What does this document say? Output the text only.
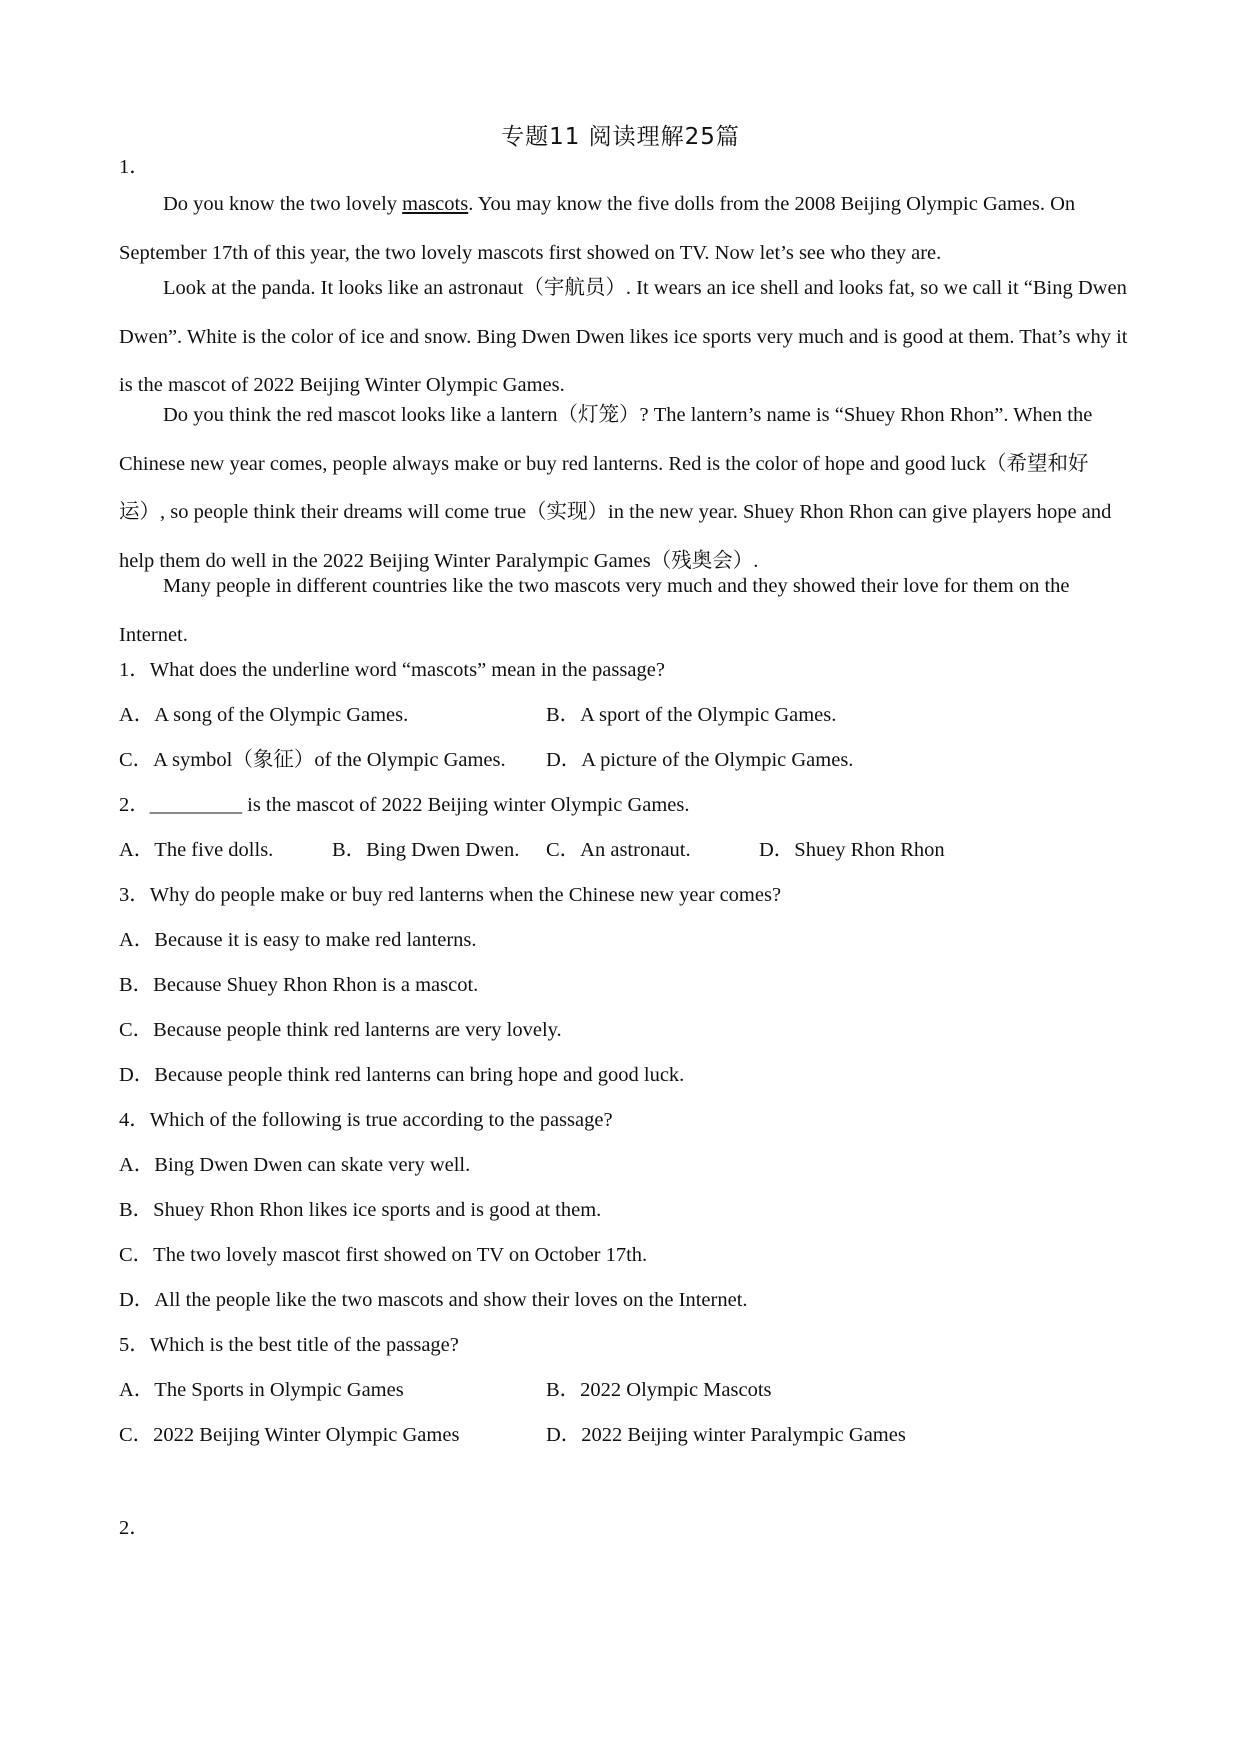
专题11 阅读理解25篇
1．
Do you know the two lovely mascots. You may know the five dolls from the 2008 Beijing Olympic Games. On September 17th of this year, the two lovely mascots first showed on TV. Now let’s see who they are.
Look at the panda. It looks like an astronaut（宇航员）. It wears an ice shell and looks fat, so we call it “Bing Dwen Dwen”. White is the color of ice and snow. Bing Dwen Dwen likes ice sports very much and is good at them. That’s why it is the mascot of 2022 Beijing Winter Olympic Games.
Do you think the red mascot looks like a lantern（灯笼）? The lantern’s name is “Shuey Rhon Rhon”. When the Chinese new year comes, people always make or buy red lanterns. Red is the color of hope and good luck（希望和好运）, so people think their dreams will come true（实现）in the new year. Shuey Rhon Rhon can give players hope and help them do well in the 2022 Beijing Winter Paralympic Games（残奥会）.
Many people in different countries like the two mascots very much and they showed their love for them on the Internet.
1．What does the underline word “mascots” mean in the passage?
A．A song of the Olympic Games.	B．A sport of the Olympic Games.
C．A symbol（象征）of the Olympic Games. D．A picture of the Olympic Games.
2．_________ is the mascot of 2022 Beijing winter Olympic Games.
A．The five dolls.	B．Bing Dwen Dwen. C．An astronaut.	D．Shuey Rhon Rhon
3．Why do people make or buy red lanterns when the Chinese new year comes?
A．Because it is easy to make red lanterns.
B．Because Shuey Rhon Rhon is a mascot.
C．Because people think red lanterns are very lovely.
D．Because people think red lanterns can bring hope and good luck.
4．Which of the following is true according to the passage?
A．Bing Dwen Dwen can skate very well.
B．Shuey Rhon Rhon likes ice sports and is good at them.
C．The two lovely mascot first showed on TV on October 17th.
D．All the people like the two mascots and show their loves on the Internet.
5．Which is the best title of the passage?
A．The Sports in Olympic Games	B．2022 Olympic Mascots
C．2022 Beijing Winter Olympic Games	D．2022 Beijing winter Paralympic Games
2．
